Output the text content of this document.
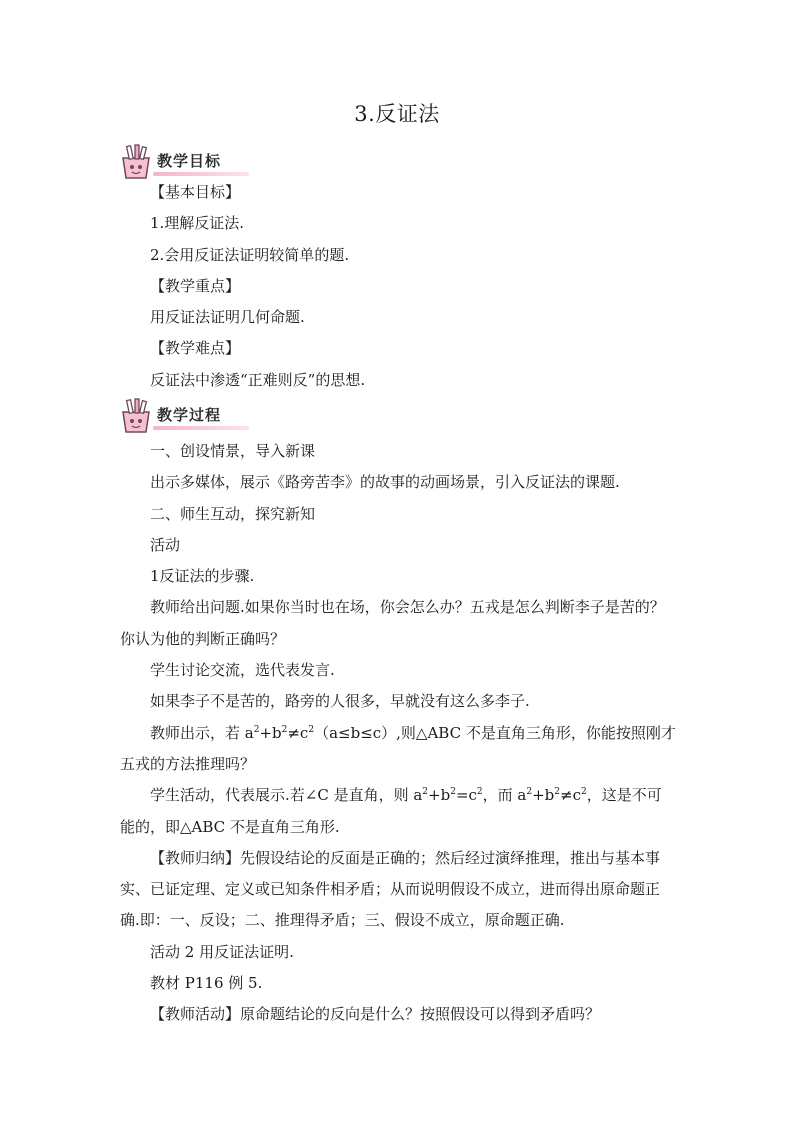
3.反证法
教学目标

【基本目标】

1.理解反证法.

2.会用反证法证明较简单的题.

【教学重点】

用反证法证明几何命题.

【教学难点】

反证法中渗透“正难则反”的思想.

教学过程

一、创设情景，导入新课

出示多媒体，展示《路旁苦李》的故事的动画场景，引入反证法的课题.

二、师生互动，探究新知

活动

1反证法的步骤.

教师给出问题.如果你当时也在场，你会怎么办？五戎是怎么判断李子是苦的？你认为他的判断正确吗？

学生讨论交流，选代表发言.

如果李子不是苦的，路旁的人很多，早就没有这么多李子.

教师出示，若 $a^2+b^2\ne c^2(a\le b\le c)$,则△ABC 不是直角三角形，你能按照刚才五戎的方法推理吗？

学生活动，代表展示.若∠C 是直角，则 $a^2+b^2=c^2$，而 $a^2+b^2\ne c^2$，这是不可能的，即△ABC 不是直角三角形.

【教师归纳】先假设结论的反面是正确的；然后经过演绎推理，推出与基本事实、已证定理、定义或已知条件相矛盾；从而说明假设不成立，进而得出原命题正确.即：一、反设；二、推理得矛盾；三、假设不成立，原命题正确.

活动 2 用反证法证明.

教材 P116 例 5.

【教师活动】原命题结论的反向是什么？按照假设可以得到矛盾吗？
